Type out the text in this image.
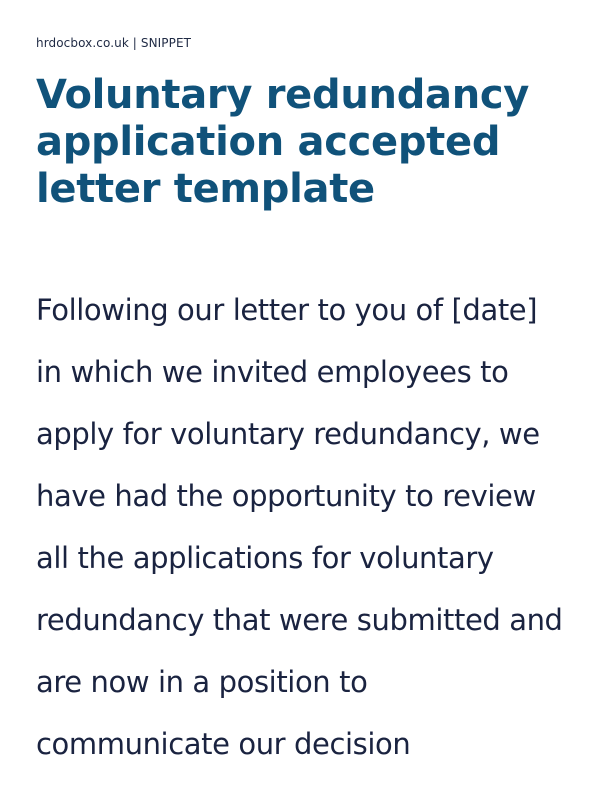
hrdocbox.co.uk | SNIPPET

Voluntary redundancy application accepted letter template

Following our letter to you of [date] in which we invited employees to apply for voluntary redundancy, we have had the opportunity to review all the applications for voluntary redundancy that were submitted and are now in a position to communicate our decision
